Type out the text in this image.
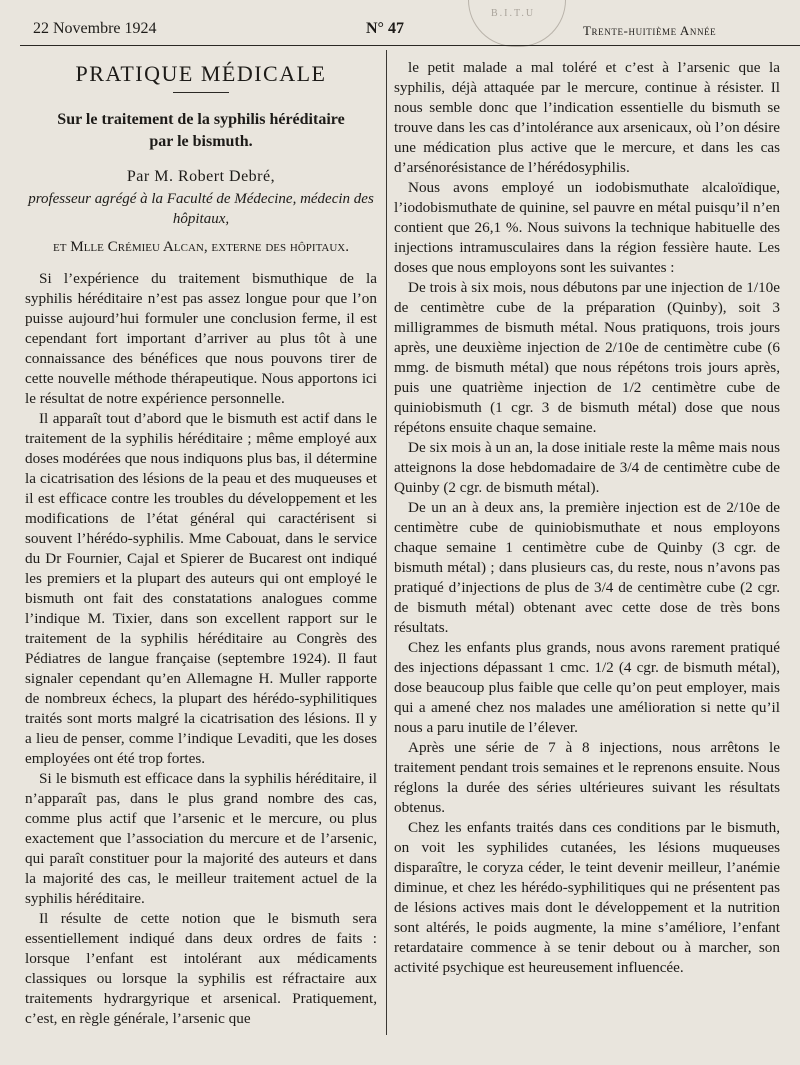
22 Novembre 1924	N° 47	Trente-huitième Année
B.I.T.U
PRATIQUE MÉDICALE
Sur le traitement de la syphilis héréditaire
par le bismuth.
Par M. Robert Debré,
professeur agrégé à la Faculté de Médecine, médecin des hôpitaux,
et Mlle Crémieu Alcan, externe des hôpitaux.

Si l’expérience du traitement bismuthique de la syphilis héréditaire n’est pas assez longue pour que l’on puisse aujourd’hui formuler une conclusion ferme, il est cependant fort important d’arriver au plus tôt à une connaissance des bénéfices que nous pouvons tirer de cette nouvelle méthode thérapeutique. Nous apportons ici le résultat de notre expérience personnelle.

Il apparaît tout d’abord que le bismuth est actif dans le traitement de la syphilis héréditaire ; même employé aux doses modérées que nous indiquons plus bas, il détermine la cicatrisation des lésions de la peau et des muqueuses et il est efficace contre les troubles du développement et les modifications de l’état général qui caractérisent si souvent l’hérédo-syphilis. Mme Cabouat, dans le service du Dr Fournier, Cajal et Spierer de Bucarest ont indiqué les premiers et la plupart des auteurs qui ont employé le bismuth ont fait des constatations analogues comme l’indique M. Tixier, dans son excellent rapport sur le traitement de la syphilis héréditaire au Congrès des Pédiatres de langue française (septembre 1924). Il faut signaler cependant qu’en Allemagne H. Muller rapporte de nombreux échecs, la plupart des hérédo-syphilitiques traités sont morts malgré la cicatrisation des lésions. Il y a lieu de penser, comme l’indique Levaditi, que les doses employées ont été trop fortes.

Si le bismuth est efficace dans la syphilis héréditaire, il n’apparaît pas, dans le plus grand nombre des cas, comme plus actif que l’arsenic et le mercure, ou plus exactement que l’association du mercure et de l’arsenic, qui paraît constituer pour la majorité des auteurs et dans la majorité des cas, le meilleur traitement actuel de la syphilis héréditaire.

Il résulte de cette notion que le bismuth sera essentiellement indiqué dans deux ordres de faits : lorsque l’enfant est intolérant aux médicaments classiques ou lorsque la syphilis est réfractaire aux traitements hydrargyrique et arsenical. Pratiquement, c’est, en règle générale, l’arsenic que

le petit malade a mal toléré et c’est à l’arsenic que la syphilis, déjà attaquée par le mercure, continue à résister. Il nous semble donc que l’indication essentielle du bismuth se trouve dans les cas d’intolérance aux arsenicaux, où l’on désire une médication plus active que le mercure, et dans les cas d’arsénorésistance de l’hérédosyphilis.

Nous avons employé un iodobismuthate alcaloïdique, l’iodobismuthate de quinine, sel pauvre en métal puisqu’il n’en contient que 26,1 %. Nous suivons la technique habituelle des injections intramusculaires dans la région fessière haute. Les doses que nous employons sont les suivantes :

De trois à six mois, nous débutons par une injection de 1/10e de centimètre cube de la préparation (Quinby), soit 3 milligrammes de bismuth métal. Nous pratiquons, trois jours après, une deuxième injection de 2/10e de centimètre cube (6 mmg. de bismuth métal) que nous répétons trois jours après, puis une quatrième injection de 1/2 centimètre cube de quiniobismuth (1 cgr. 3 de bismuth métal) dose que nous répétons ensuite chaque semaine.

De six mois à un an, la dose initiale reste la même mais nous atteignons la dose hebdomadaire de 3/4 de centimètre cube de Quinby (2 cgr. de bismuth métal).

De un an à deux ans, la première injection est de 2/10e de centimètre cube de quiniobismuthate et nous employons chaque semaine 1 centimètre cube de Quinby (3 cgr. de bismuth métal) ; dans plusieurs cas, du reste, nous n’avons pas pratiqué d’injections de plus de 3/4 de centimètre cube (2 cgr. de bismuth métal) obtenant avec cette dose de très bons résultats.

Chez les enfants plus grands, nous avons rarement pratiqué des injections dépassant 1 cmc. 1/2 (4 cgr. de bismuth métal), dose beaucoup plus faible que celle qu’on peut employer, mais qui a amené chez nos malades une amélioration si nette qu’il nous a paru inutile de l’élever.

Après une série de 7 à 8 injections, nous arrêtons le traitement pendant trois semaines et le reprenons ensuite. Nous réglons la durée des séries ultérieures suivant les résultats obtenus.

Chez les enfants traités dans ces conditions par le bismuth, on voit les syphilides cutanées, les lésions muqueuses disparaître, le coryza céder, le teint devenir meilleur, l’anémie diminue, et chez les hérédo-syphilitiques qui ne présentent pas de lésions actives mais dont le développement et la nutrition sont altérés, le poids augmente, la mine s’améliore, l’enfant retardataire commence à se tenir debout ou à marcher, son activité psychique est heureusement influencée.
